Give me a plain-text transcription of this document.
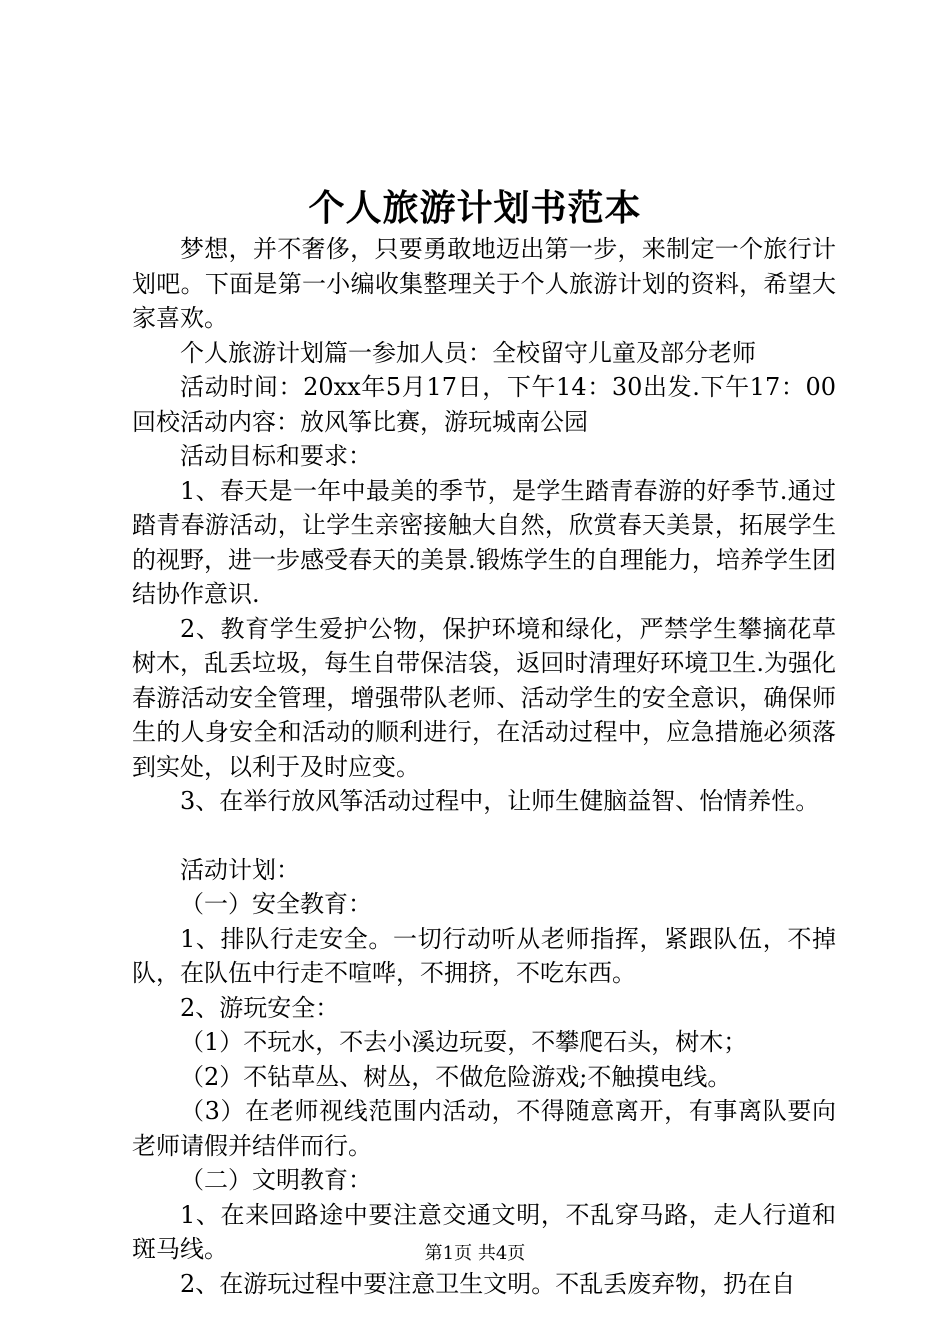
个人旅游计划书范本

梦想，并不奢侈，只要勇敢地迈出第一步，来制定一个旅行计划吧。下面是第一小编收集整理关于个人旅游计划的资料，希望大家喜欢。

个人旅游计划篇一参加人员：全校留守儿童及部分老师

活动时间：20xx年5月17日，下午14：30出发.下午17：00回校活动内容：放风筝比赛，游玩城南公园

活动目标和要求：

1、春天是一年中最美的季节，是学生踏青春游的好季节.通过踏青春游活动，让学生亲密接触大自然，欣赏春天美景，拓展学生的视野，进一步感受春天的美景.锻炼学生的自理能力，培养学生团结协作意识.

2、教育学生爱护公物，保护环境和绿化，严禁学生攀摘花草树木，乱丢垃圾，每生自带保洁袋，返回时清理好环境卫生.为强化春游活动安全管理，增强带队老师、活动学生的安全意识，确保师生的人身安全和活动的顺利进行，在活动过程中，应急措施必须落到实处，以利于及时应变。

3、在举行放风筝活动过程中，让师生健脑益智、怡情养性。

活动计划：

（一）安全教育：

1、排队行走安全。一切行动听从老师指挥，紧跟队伍，不掉队，在队伍中行走不喧哗，不拥挤，不吃东西。

2、游玩安全：

（1）不玩水，不去小溪边玩耍，不攀爬石头，树木；

（2）不钻草丛、树丛，不做危险游戏;不触摸电线。

（3）在老师视线范围内活动，不得随意离开，有事离队要向老师请假并结伴而行。

（二）文明教育：

1、在来回路途中要注意交通文明，不乱穿马路，走人行道和斑马线。

2、在游玩过程中要注意卫生文明。不乱丢废弃物，扔在自

第1页 共4页
